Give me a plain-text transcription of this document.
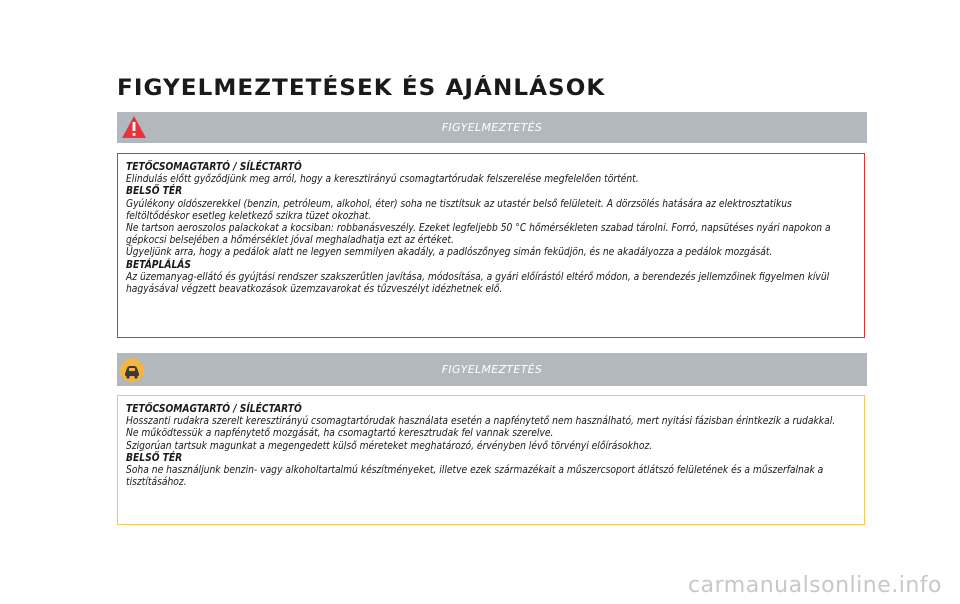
FIGYELMEZTETÉSEK ÉS AJÁNLÁSOK
FIGYELMEZTETÉS

TETŐCSOMAGTARTÓ / SÍLÉCTARTÓ

Elindulás előtt győződjünk meg arról, hogy a keresztirányú csomagtartórudak felszerelése megfelelően történt.

BELSŐ TÉR

Gyúlékony oldószerekkel (benzin, petróleum, alkohol, éter) soha ne tisztítsuk az utastér belső felületeit. A dörzsölés hatására az elektrosztatikus feltöltődéskor esetleg keletkező szikra tüzet okozhat.

Ne tartson aeroszolos palackokat a kocsiban: robbanásveszély. Ezeket legfeljebb 50 °C hőmérsékleten szabad tárolni. Forró, napsütéses nyári napokon a gépkocsi belsejében a hőmérséklet jóval meghaladhatja ezt az értéket.

Ügyeljünk arra, hogy a pedálok alatt ne legyen semmilyen akadály, a padlószőnyeg simán feküdjön, és ne akadályozza a pedálok mozgását.

BETÁPLÁLÁS

Az üzemanyag-ellátó és gyújtási rendszer szakszerűtlen javítása, módosítása, a gyári előírástól eltérő módon, a berendezés jellemzőinek figyelmen kívül hagyásával végzett beavatkozások üzemzavarokat és tűzveszélyt idézhetnek elő.

FIGYELMEZTETÉS

TETŐCSOMAGTARTÓ / SÍLÉCTARTÓ

Hosszanti rudakra szerelt keresztirányú csomagtartórudak használata esetén a napfénytető nem használható, mert nyitási fázisban érintkezik a rudakkal.

Ne működtessük a napfénytető mozgását, ha csomagtartó keresztrudak fel vannak szerelve.

Szigorúan tartsuk magunkat a megengedett külső méreteket meghatározó, érvényben lévő törvényi előírásokhoz.

BELSŐ TÉR

Soha ne használjunk benzin- vagy alkoholtartalmú készítményeket, illetve ezek származékait a műszercsoport átlátszó felületének és a műszerfalnak a tisztításához.

carmanualsonline.info
